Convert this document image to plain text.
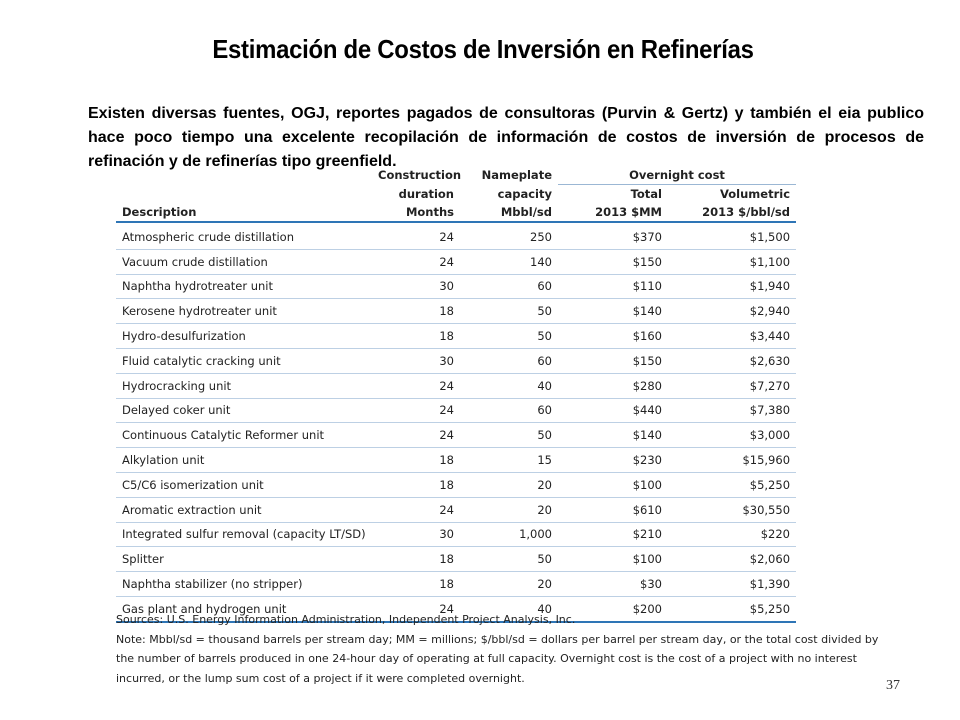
Estimación de Costos de Inversión en Refinerías

Existen diversas fuentes, OGJ, reportes pagados de consultoras (Purvin & Gertz) y también el eia publico hace poco tiempo una excelente recopilación de información de costos de inversión de procesos de refinación y de refinerías tipo greenfield.

	Construction	Nameplate	Overnight cost	
	duration	capacity	Total	Volumetric
Description	Months	Mbbl/sd	2013 $MM	2013 $/bbl/sd
Atmospheric crude distillation	24	250	$370	$1,500
Vacuum crude distillation	24	140	$150	$1,100
Naphtha hydrotreater unit	30	60	$110	$1,940
Kerosene hydrotreater unit	18	50	$140	$2,940
Hydro-desulfurization	18	50	$160	$3,440
Fluid catalytic cracking unit	30	60	$150	$2,630
Hydrocracking unit	24	40	$280	$7,270
Delayed coker unit	24	60	$440	$7,380
Continuous Catalytic Reformer unit	24	50	$140	$3,000
Alkylation unit	18	15	$230	$15,960
C5/C6 isomerization unit	18	20	$100	$5,250
Aromatic extraction unit	24	20	$610	$30,550
Integrated sulfur removal (capacity LT/SD)	30	1,000	$210	$220
Splitter	18	50	$100	$2,060
Naphtha stabilizer (no stripper)	18	20	$30	$1,390
Gas plant and hydrogen unit	24	40	$200	$5,250

Sources: U.S. Energy Information Administration, Independent Project Analysis, Inc.

Note: Mbbl/sd = thousand barrels per stream day; MM = millions; $/bbl/sd = dollars per barrel per stream day, or the total cost divided by the number of barrels produced in one 24-hour day of operating at full capacity. Overnight cost is the cost of a project with no interest incurred, or the lump sum cost of a project if it were completed overnight.	37
